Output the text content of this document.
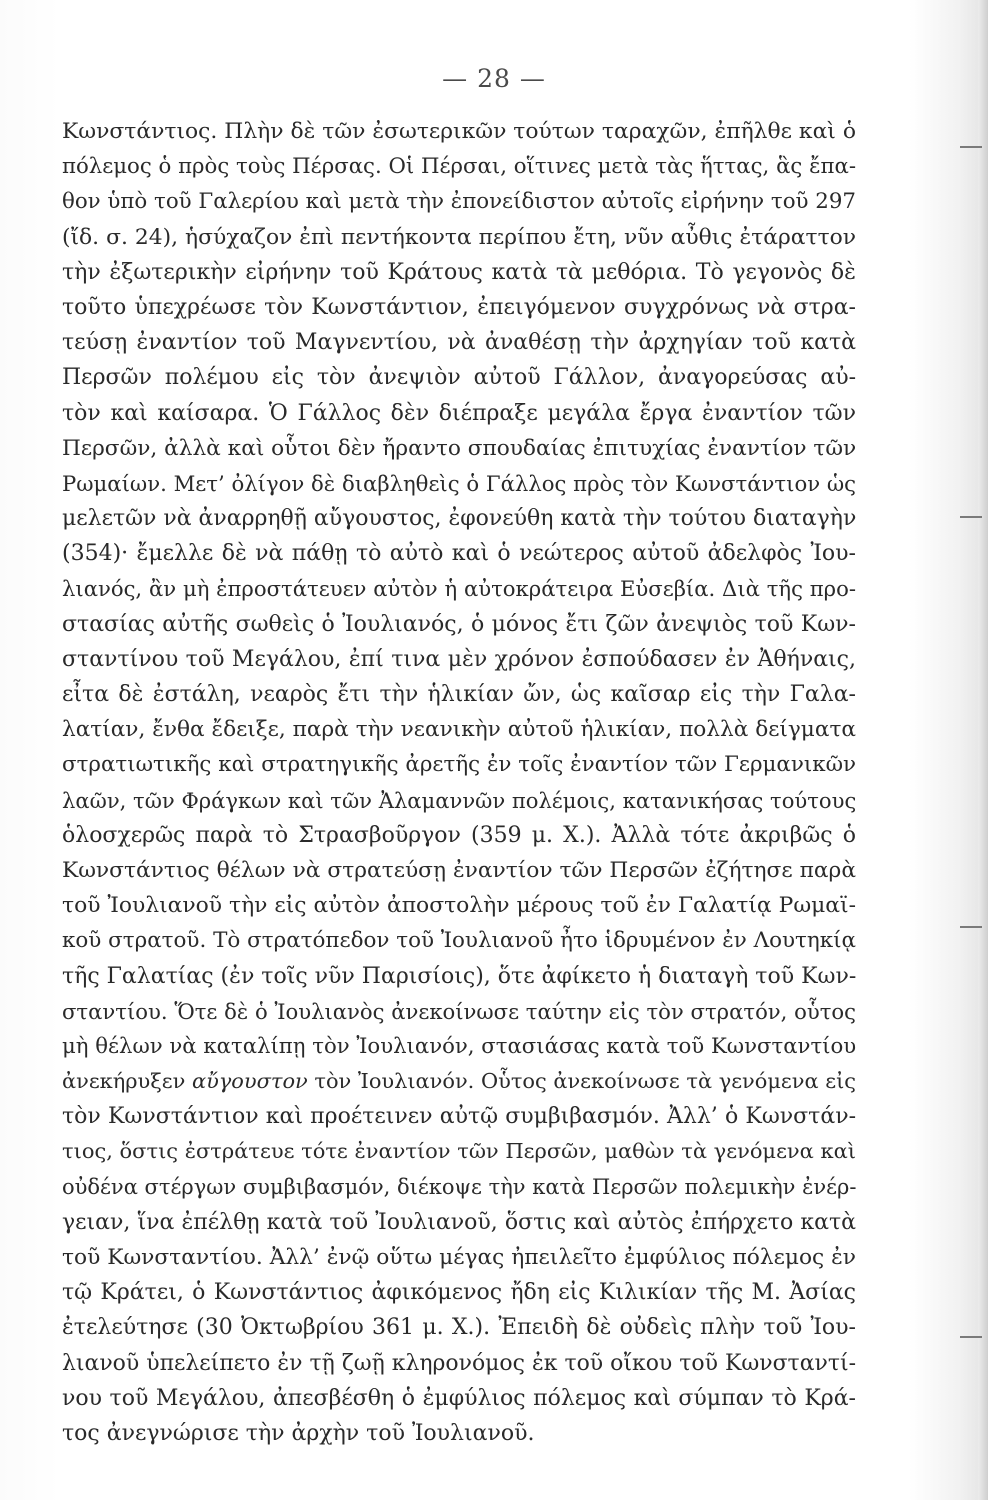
— 28 —
Κωνστάντιος. Πλὴν δὲ τῶν ἐσωτερικῶν τούτων ταραχῶν, ἐπῆλθε καὶ ὁ
πόλεμος ὁ πρὸς τοὺς Πέρσας. Οἱ Πέρσαι, οἵτινες μετὰ τὰς ἥττας, ἃς ἔπα-
θον ὑπὸ τοῦ Γαλερίου καὶ μετὰ τὴν ἐπονείδιστον αὐτοῖς εἰρήνην τοῦ 297
(ἴδ. σ. 24), ἡσύχαζον ἐπὶ πεντήκοντα περίπου ἔτη, νῦν αὖθις ἐτάραττον
τὴν ἐξωτερικὴν εἰρήνην τοῦ Κράτους κατὰ τὰ μεθόρια. Τὸ γεγονὸς δὲ
τοῦτο ὑπεχρέωσε τὸν Κωνστάντιον, ἐπειγόμενον συγχρόνως νὰ στρα-
τεύσῃ ἐναντίον τοῦ Μαγνεντίου, νὰ ἀναθέσῃ τὴν ἀρχηγίαν τοῦ κατὰ
Περσῶν πολέμου εἰς τὸν ἀνεψιὸν αὐτοῦ Γάλλον, ἀναγορεύσας αὐ-
τὸν καὶ καίσαρα. Ὁ Γάλλος δὲν διέπραξε μεγάλα ἔργα ἐναντίον τῶν
Περσῶν, ἀλλὰ καὶ οὗτοι δὲν ἤραντο σπουδαίας ἐπιτυχίας ἐναντίον τῶν
Ρωμαίων. Μετ’ ὀλίγον δὲ διαβληθεὶς ὁ Γάλλος πρὸς τὸν Κωνστάντιον ὡς
μελετῶν νὰ ἀναρρηθῇ αὔγουστος, ἐφονεύθη κατὰ τὴν τούτου διαταγὴν
(354)· ἔμελλε δὲ νὰ πάθῃ τὸ αὐτὸ καὶ ὁ νεώτερος αὐτοῦ ἀδελφὸς Ἰου-
λιανός, ἂν μὴ ἐπροστάτευεν αὐτὸν ἡ αὐτοκράτειρα Εὐσεβία. Διὰ τῆς προ-
στασίας αὐτῆς σωθεὶς ὁ Ἰουλιανός, ὁ μόνος ἔτι ζῶν ἀνεψιὸς τοῦ Κων-
σταντίνου τοῦ Μεγάλου, ἐπί τινα μὲν χρόνον ἐσπούδασεν ἐν Ἀθήναις,
εἶτα δὲ ἐστάλη, νεαρὸς ἔτι τὴν ἡλικίαν ὤν, ὡς καῖσαρ εἰς τὴν Γαλα-
λατίαν, ἔνθα ἔδειξε, παρὰ τὴν νεανικὴν αὐτοῦ ἡλικίαν, πολλὰ δείγματα
στρατιωτικῆς καὶ στρατηγικῆς ἀρετῆς ἐν τοῖς ἐναντίον τῶν Γερμανικῶν
λαῶν, τῶν Φράγκων καὶ τῶν Ἀλαμαννῶν πολέμοις, κατανικήσας τούτους
ὁλοσχερῶς παρὰ τὸ Στρασβοῦργον (359 μ. Χ.). Ἀλλὰ τότε ἀκριβῶς ὁ
Κωνστάντιος θέλων νὰ στρατεύσῃ ἐναντίον τῶν Περσῶν ἐζήτησε παρὰ
τοῦ Ἰουλιανοῦ τὴν εἰς αὐτὸν ἀποστολὴν μέρους τοῦ ἐν Γαλατίᾳ Ρωμαϊ-
κοῦ στρατοῦ. Τὸ στρατόπεδον τοῦ Ἰουλιανοῦ ἦτο ἱδρυμένον ἐν Λουτηκίᾳ
τῆς Γαλατίας (ἐν τοῖς νῦν Παρισίοις), ὅτε ἀφίκετο ἡ διαταγὴ τοῦ Κων-
σταντίου. Ὅτε δὲ ὁ Ἰουλιανὸς ἀνεκοίνωσε ταύτην εἰς τὸν στρατόν, οὗτος
μὴ θέλων νὰ καταλίπῃ τὸν Ἰουλιανόν, στασιάσας κατὰ τοῦ Κωνσταντίου
ἀνεκήρυξεν αὔγουστον τὸν Ἰουλιανόν. Οὗτος ἀνεκοίνωσε τὰ γενόμενα εἰς
τὸν Κωνστάντιον καὶ προέτεινεν αὐτῷ συμβιβασμόν. Ἀλλ’ ὁ Κωνστάν-
τιος, ὅστις ἐστράτευε τότε ἐναντίον τῶν Περσῶν, μαθὼν τὰ γενόμενα καὶ
οὐδένα στέργων συμβιβασμόν, διέκοψε τὴν κατὰ Περσῶν πολεμικὴν ἐνέρ-
γειαν, ἵνα ἐπέλθῃ κατὰ τοῦ Ἰουλιανοῦ, ὅστις καὶ αὐτὸς ἐπήρχετο κατὰ
τοῦ Κωνσταντίου. Ἀλλ’ ἐνῷ οὕτω μέγας ἠπειλεῖτο ἐμφύλιος πόλεμος ἐν
τῷ Κράτει, ὁ Κωνστάντιος ἀφικόμενος ἤδη εἰς Κιλικίαν τῆς Μ. Ἀσίας
ἐτελεύτησε (30 Ὀκτωβρίου 361 μ. Χ.). Ἐπειδὴ δὲ οὐδεὶς πλὴν τοῦ Ἰου-
λιανοῦ ὑπελείπετο ἐν τῇ ζωῇ κληρονόμος ἐκ τοῦ οἴκου τοῦ Κωνσταντί-
νου τοῦ Μεγάλου, ἀπεσβέσθη ὁ ἐμφύλιος πόλεμος καὶ σύμπαν τὸ Κρά-
τος ἀνεγνώρισε τὴν ἀρχὴν τοῦ Ἰουλιανοῦ.
